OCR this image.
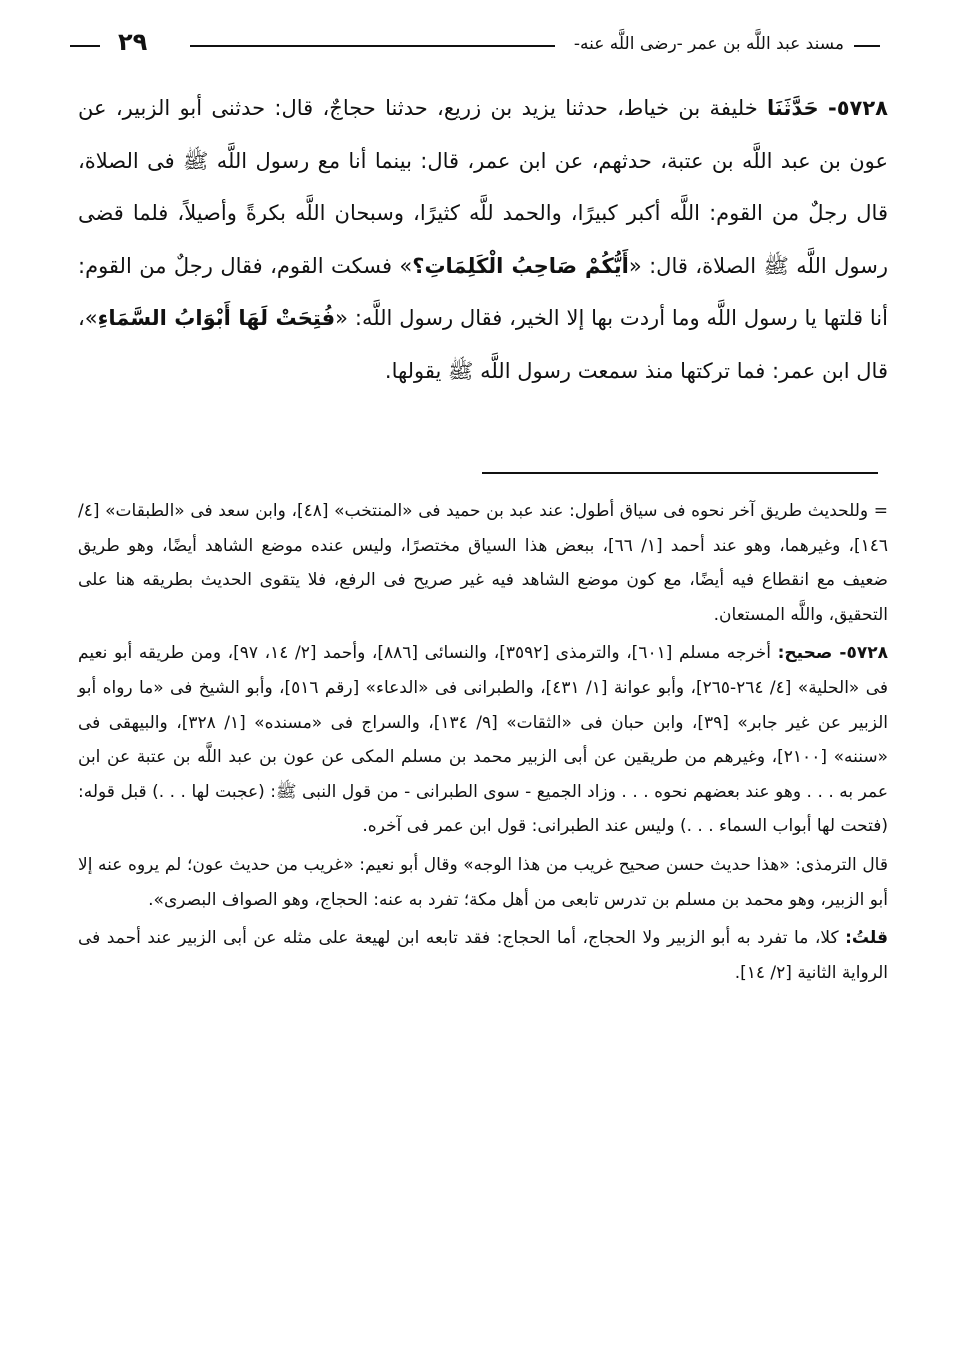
مسند عبد اللَّه بن عمر -رضى اللَّه عنه-
٢٩
٥٧٢٨- حَدَّثَنَا خليفة بن خياط، حدثنا يزيد بن زريع، حدثنا حجاجٌ، قال: حدثنى أبو الزبير، عن عون بن عبد اللَّه بن عتبة، حدثهم، عن ابن عمر، قال: بينما أنا مع رسول اللَّه ﷺ فى الصلاة، قال رجلٌ من القوم: اللَّه أكبر كبيرًا، والحمد للَّه كثيرًا، وسبحان اللَّه بكرةً وأصيلاً، فلما قضى رسول اللَّه ﷺ الصلاة، قال: «أَيُّكُمْ صَاحِبُ الْكَلِمَاتِ؟» فسكت القوم، فقال رجلٌ من القوم: أنا قلتها يا رسول اللَّه وما أردت بها إلا الخير، فقال رسول اللَّه: «فُتِحَتْ لَهَا أَبْوَابُ السَّمَاءِ»، قال ابن عمر: فما تركتها منذ سمعت رسول اللَّه ﷺ يقولها.

= وللحديث طريق آخر نحوه فى سياق أطول: عند عبد بن حميد فى «المنتخب» [٤٨]، وابن سعد فى «الطبقات» [٤/ ١٤٦]، وغيرهما، وهو عند أحمد [١/ ٦٦]، ببعض هذا السياق مختصرًا، وليس عنده موضع الشاهد أيضًا، وهو طريق ضعيف مع انقطاع فيه أيضًا، مع كون موضع الشاهد فيه غير صريح فى الرفع، فلا يتقوى الحديث بطريقه هنا على التحقيق، واللَّه المستعان.

٥٧٢٨- صحيح: أخرجه مسلم [٦٠١]، والترمذى [٣٥٩٢]، والنسائى [٨٨٦]، وأحمد [٢/ ١٤، ٩٧]، ومن طريقه أبو نعيم فى «الحلية» [٤/ ٢٦٤-٢٦٥]، وأبو عوانة [١/ ٤٣١]، والطبرانى فى «الدعاء» [رقم ٥١٦]، وأبو الشيخ فى «ما رواه أبو الزبير عن غير جابر» [٣٩]، وابن حبان فى «الثقات» [٩/ ١٣٤]، والسراج فى «مسنده» [١/ ٣٢٨]، والبيهقى فى «سننه» [٢١٠٠]، وغيرهم من طريقين عن أبى الزبير محمد بن مسلم المكى عن عون بن عبد اللَّه بن عتبة عن ابن عمر به . . . وهو عند بعضهم نحوه . . . وزاد الجميع - سوى الطبرانى - من قول النبى ﷺ: (عجبت لها . . .) قبل قوله: (فتحت لها أبواب السماء . . .) وليس عند الطبرانى: قول ابن عمر فى آخره.

قال الترمذى: «هذا حديث حسن صحيح غريب من هذا الوجه» وقال أبو نعيم: «غريب من حديث عون؛ لم يروه عنه إلا أبو الزبير، وهو محمد بن مسلم بن تدرس تابعى من أهل مكة؛ تفرد به عنه: الحجاج، وهو الصواف البصرى».

قلتُ: كلا، ما تفرد به أبو الزبير ولا الحجاج، أما الحجاج: فقد تابعه ابن لهيعة على مثله عن أبى الزبير عند أحمد فى الرواية الثانية [٢/ ١٤].
